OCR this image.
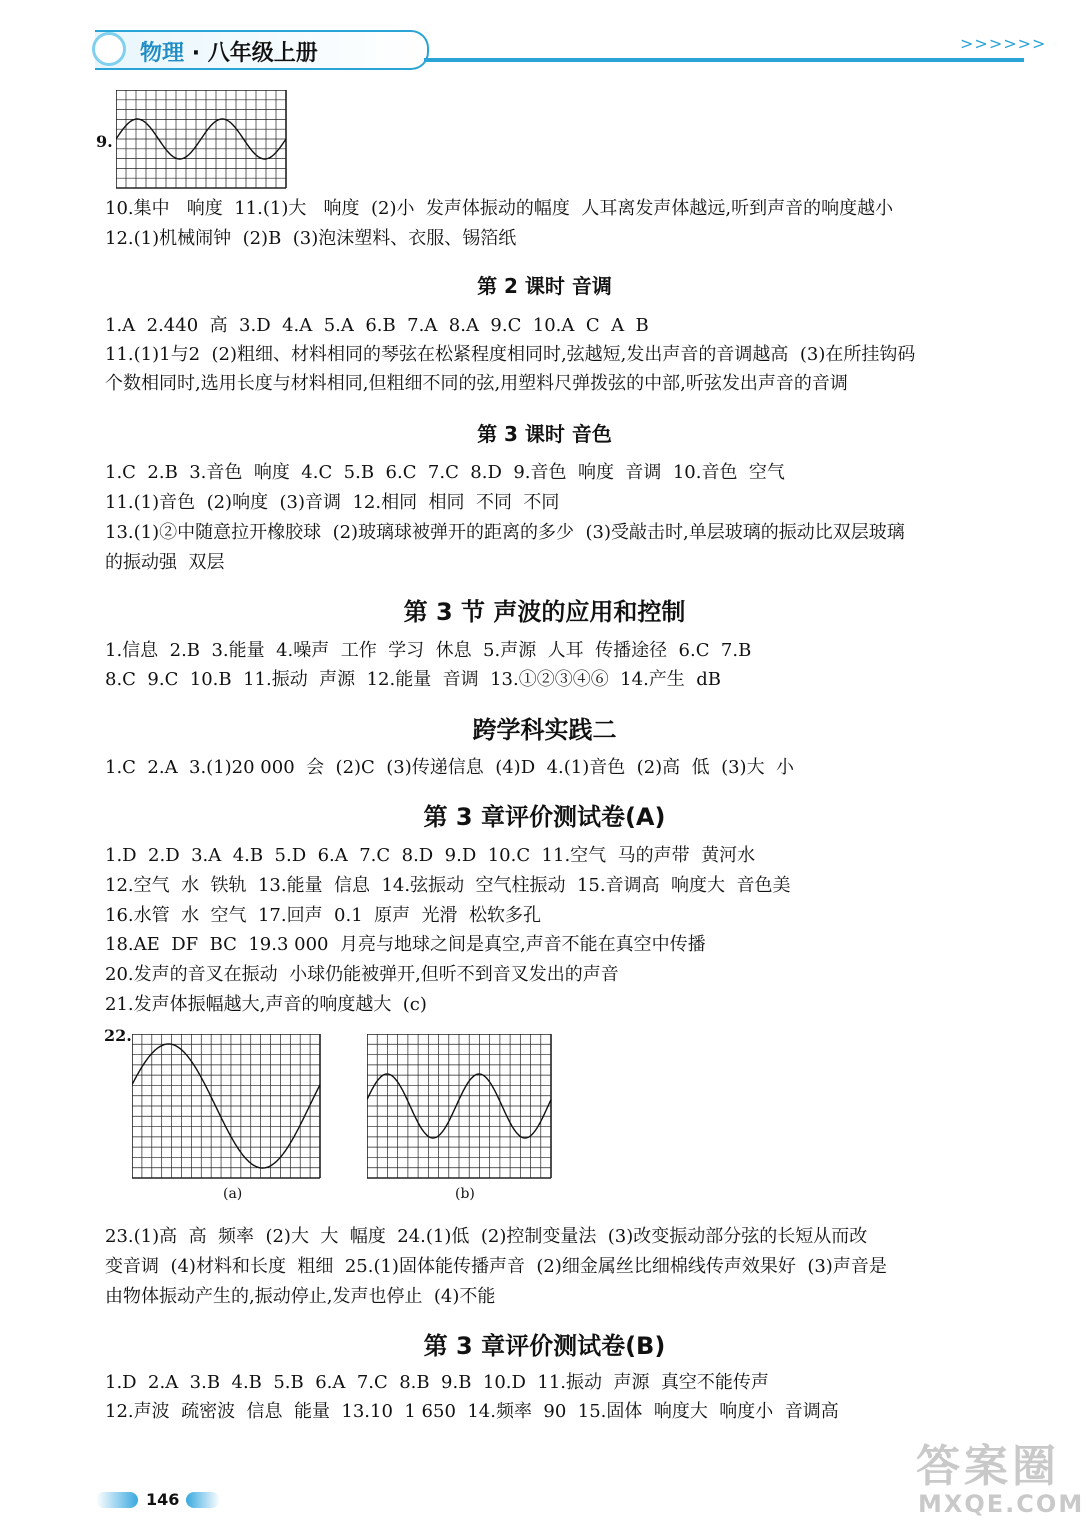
物理 · 八年级上册	>>>>>>
9.
10.集中   响度  11.(1)大   响度  (2)小  发声体振动的幅度  人耳离发声体越远,听到声音的响度越小
12.(1)机械闹钟  (2)B  (3)泡沫塑料、衣服、锡箔纸
第 2 课时 音调
1.A  2.440  高  3.D  4.A  5.A  6.B  7.A  8.A  9.C  10.A  C  A  B
11.(1)1与2  (2)粗细、材料相同的琴弦在松紧程度相同时,弦越短,发出声音的音调越高  (3)在所挂钩码
个数相同时,选用长度与材料相同,但粗细不同的弦,用塑料尺弹拨弦的中部,听弦发出声音的音调
第 3 课时 音色
1.C  2.B  3.音色  响度  4.C  5.B  6.C  7.C  8.D  9.音色  响度  音调  10.音色  空气
11.(1)音色  (2)响度  (3)音调  12.相同  相同  不同  不同
13.(1)②中随意拉开橡胶球  (2)玻璃球被弹开的距离的多少  (3)受敲击时,单层玻璃的振动比双层玻璃
的振动强  双层
第 3 节 声波的应用和控制
1.信息  2.B  3.能量  4.噪声  工作  学习  休息  5.声源  人耳  传播途径  6.C  7.B
8.C  9.C  10.B  11.振动  声源  12.能量  音调  13.①②③④⑥  14.产生  dB
跨学科实践二
1.C  2.A  3.(1)20 000  会  (2)C  (3)传递信息  (4)D  4.(1)音色  (2)高  低  (3)大  小
第 3 章评价测试卷(A)
1.D  2.D  3.A  4.B  5.D  6.A  7.C  8.D  9.D  10.C  11.空气  马的声带  黄河水
12.空气  水  铁轨  13.能量  信息  14.弦振动  空气柱振动  15.音调高  响度大  音色美
16.水管  水  空气  17.回声  0.1  原声  光滑  松软多孔
18.AE  DF  BC  19.3 000  月亮与地球之间是真空,声音不能在真空中传播
20.发声的音叉在振动  小球仍能被弹开,但听不到音叉发出的声音
21.发声体振幅越大,声音的响度越大  (c)
22.
(a)	(b)
23.(1)高  高  频率  (2)大  大  幅度  24.(1)低  (2)控制变量法  (3)改变振动部分弦的长短从而改
变音调  (4)材料和长度  粗细  25.(1)固体能传播声音  (2)细金属丝比细棉线传声效果好  (3)声音是
由物体振动产生的,振动停止,发声也停止  (4)不能
第 3 章评价测试卷(B)
1.D  2.A  3.B  4.B  5.B  6.A  7.C  8.B  9.B  10.D  11.振动  声源  真空不能传声
12.声波  疏密波  信息  能量  13.10  1 650  14.频率  90  15.固体  响度大  响度小  音调高
146
答案圈
MXQE.COM
